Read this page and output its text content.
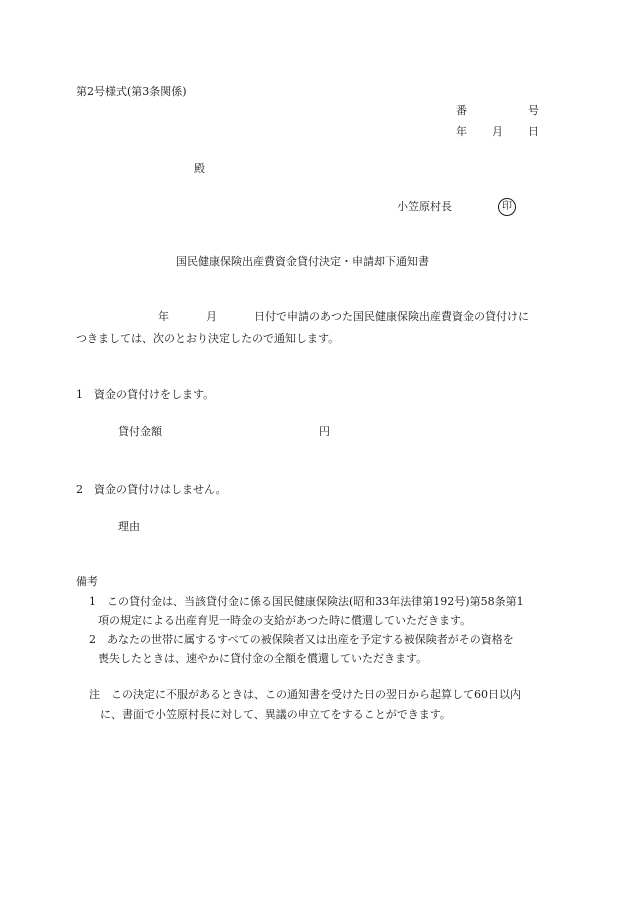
第2号様式(第3条関係)
番	号
年 月 日
殿
小笠原村長	印
国民健康保険出産費資金貸付決定・申請却下通知書
年	月	日付で申請のあつた国民健康保険出産費資金の貸付けに
つきましては、次のとおり決定したので通知します。
1　資金の貸付けをします。
貸付金額	円
2　資金の貸付けはしません。
理由
備考
1　この貸付金は、当該貸付金に係る国民健康保険法(昭和33年法律第192号)第58条第1
項の規定による出産育児一時金の支給があつた時に償還していただきます。
2　あなたの世帯に属するすべての被保険者又は出産を予定する被保険者がその資格を
喪失したときは、速やかに貸付金の全額を償還していただきます。
注　この決定に不服があるときは、この通知書を受けた日の翌日から起算して60日以内
に、書面で小笠原村長に対して、異議の申立てをすることができます。
